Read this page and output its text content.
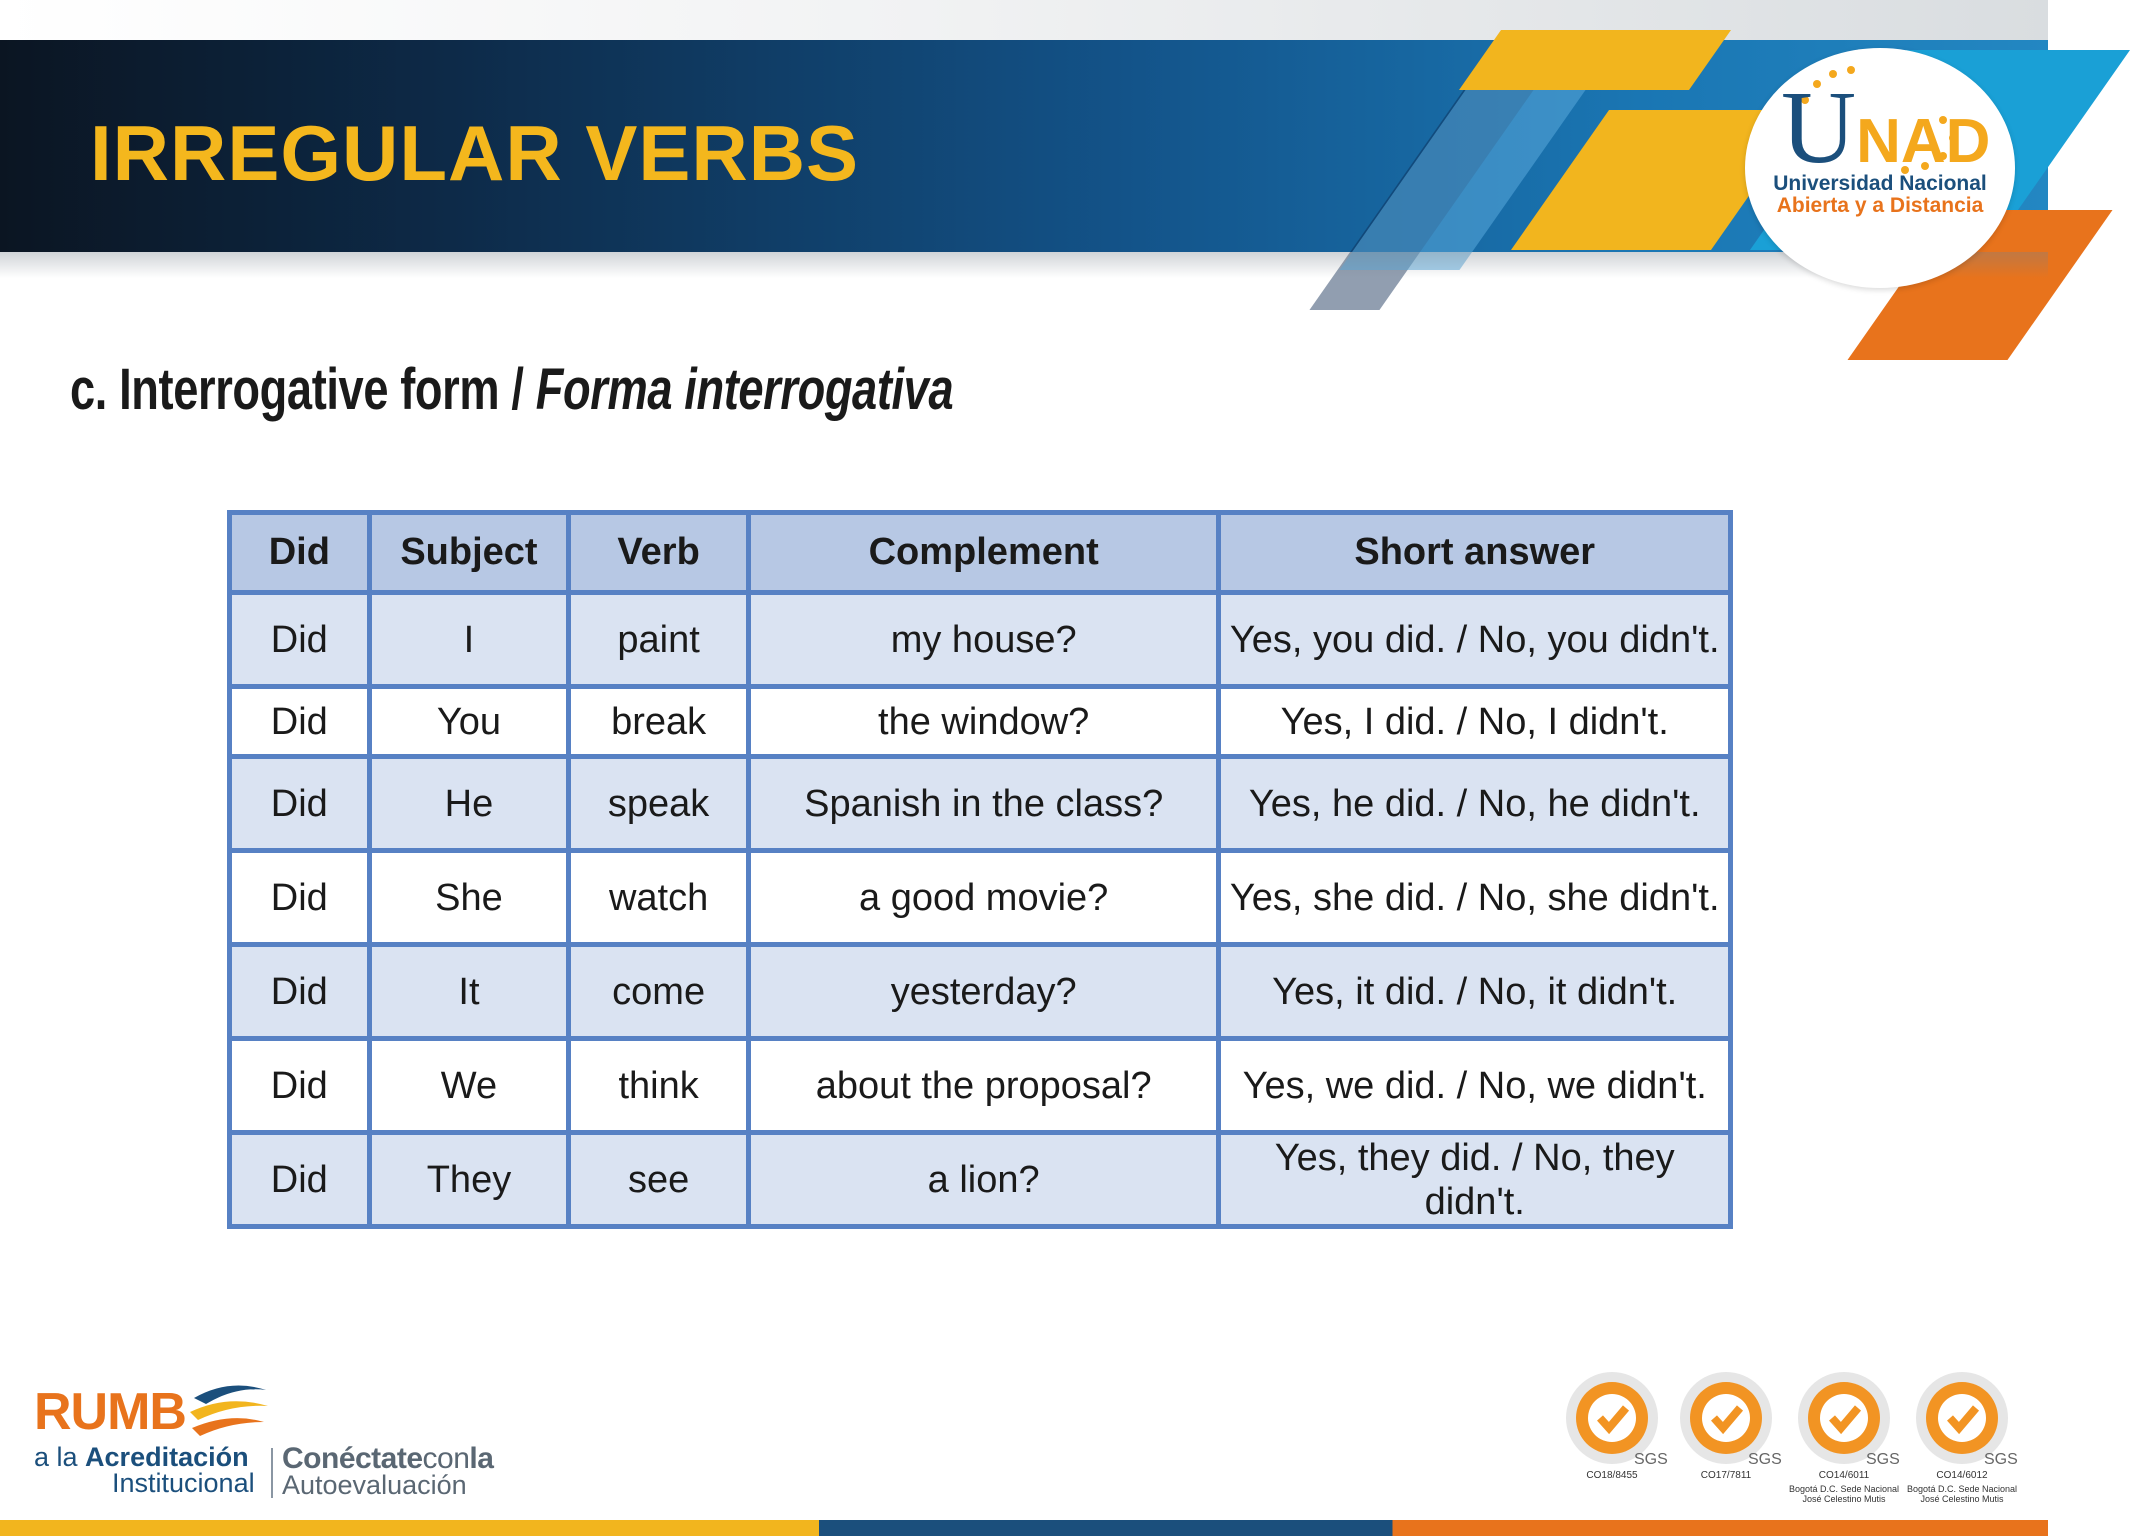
IRREGULAR VERBS	UNAD
Universidad Nacional
Abierta y a Distancia
c. Interrogative form / Forma interrogativa
Did	Subject	Verb	Complement	Short answer
Did	I	paint	my house?	Yes, you did. / No, you didn't.
Did	You	break	the window?	Yes, I did. / No, I didn't.
Did	He	speak	Spanish in the class?	Yes, he did. / No, he didn't.
Did	She	watch	a good movie?	Yes, she did. / No, she didn't.
Did	It	come	yesterday?	Yes, it did. / No, it didn't.
Did	We	think	about the proposal?	Yes, we did. / No, we didn't.
Did	They	see	a lion?	Yes, they did. / No, they didn't.
RUMB
a la Acreditación
Institucional
Conéctateconla
Autoevaluación
SGS
CO18/8455
SGS
CO17/7811
SGS
CO14/6011
Bogotá D.C. Sede Nacional José Celestino Mutis
SGS
CO14/6012
Bogotá D.C. Sede Nacional José Celestino Mutis
